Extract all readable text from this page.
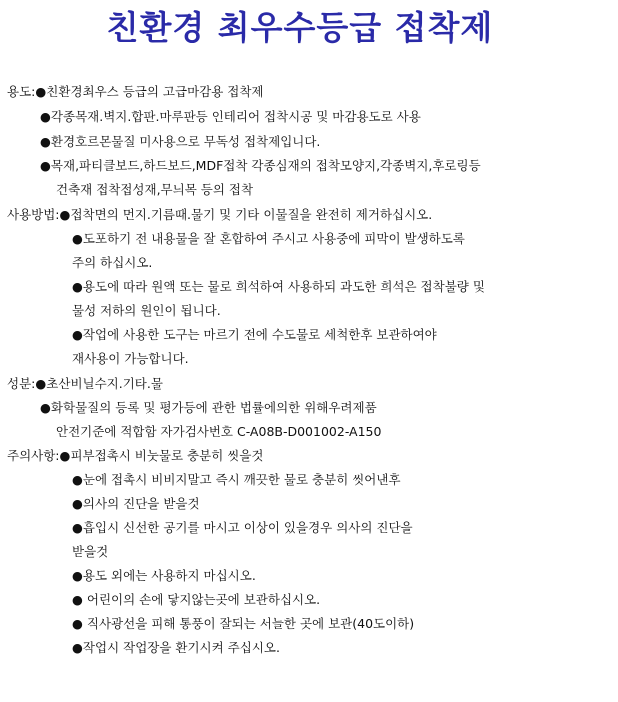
친환경 최우수등급 접착제
용도:●친환경최우스 등급의 고급마감용 접착제
●각종목재.벽지.합판.마루판등 인테리어 접착시공 및 마감용도로 사용
●환경호르몬물질 미사용으로 무독성 접착제입니다.
●목재,파티클보드,하드보드,MDF접착 각종심재의 접착모양지,각종벽지,후로링등
건축재 접착접성재,무늬목 등의 접착
사용방법:●접착면의 먼지.기름때.물기 및 기타 이물질을 완전히 제거하십시오.
●도포하기 전 내용물을 잘 혼합하여 주시고 사용중에 피막이 발생하도록
주의 하십시오.
●용도에 따라 원액 또는 물로 희석하여 사용하되 과도한 희석은 접착불량 및
물성 저하의 원인이 됩니다.
●작업에 사용한 도구는 마르기 전에 수도물로 세척한후 보관하여야
재사용이 가능합니다.
성분:●초산비닐수지.기타.물
●화학물질의 등록 및 평가등에 관한 법률에의한 위해우려제품
안전기준에 적합함 자가검사번호 C-A08B-D001002-A150
주의사항:●피부접촉시 비눗물로 충분히 씻을것
●눈에 접촉시 비비지말고 즉시 깨끗한 물로 충분히 씻어낸후
●의사의 진단을 받을것
●흡입시 신선한 공기를 마시고 이상이 있을경우 의사의 진단을
받을것
●용도 외에는 사용하지 마십시오.
● 어린이의 손에 닿지않는곳에 보관하십시오.
● 직사광선을 피해 통풍이 잘되는 서늘한 곳에 보관(40도이하)
●작업시 작업장을 환기시켜 주십시오.
